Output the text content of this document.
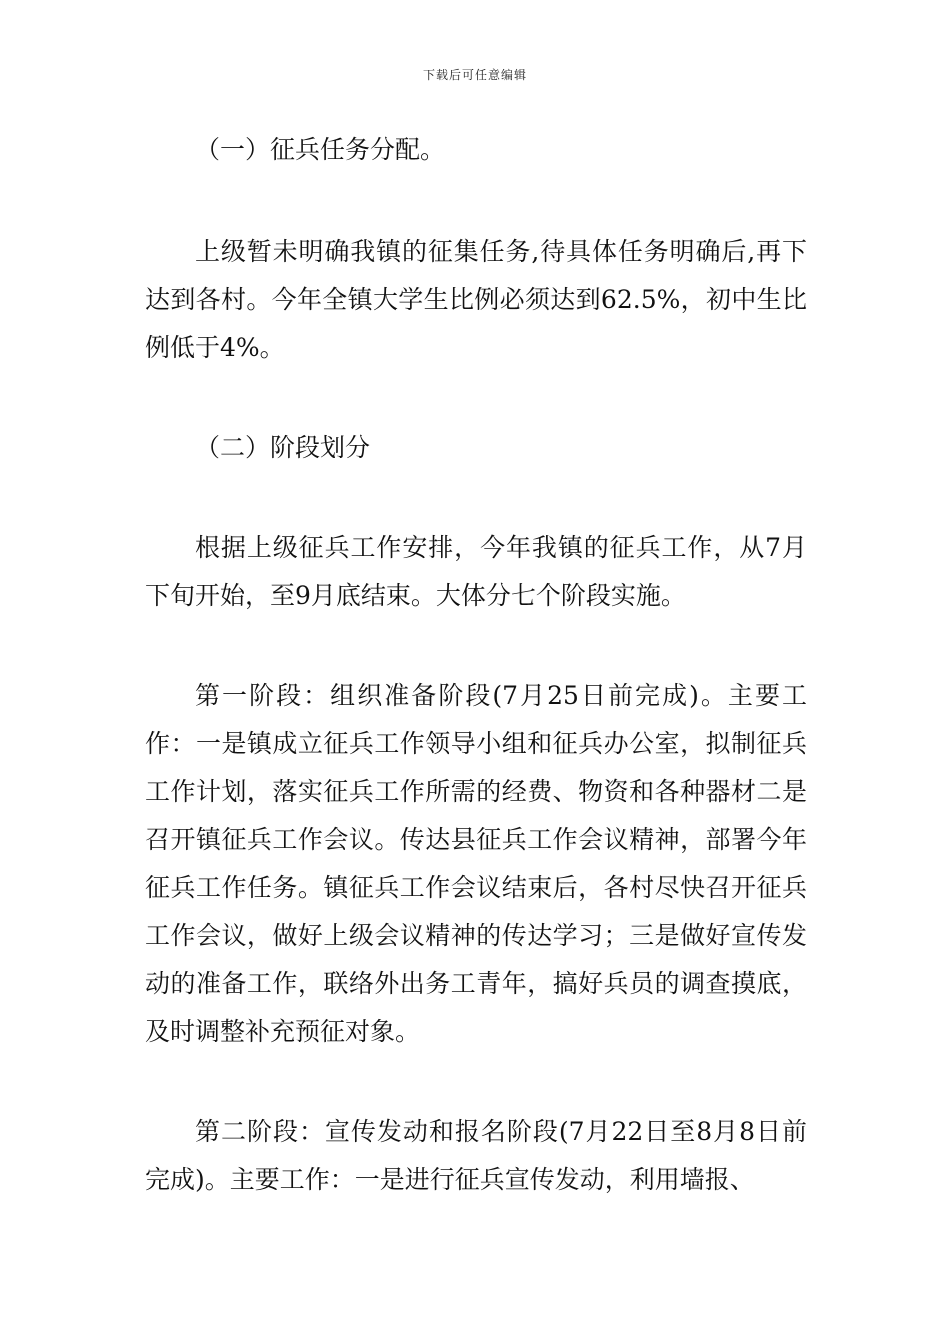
下载后可任意编辑

（一）征兵任务分配。

上级暂未明确我镇的征集任务,待具体任务明确后,再下达到各村。今年全镇大学生比例必须达到62.5%，初中生比例低于4%。

（二）阶段划分

根据上级征兵工作安排，今年我镇的征兵工作，从7月下旬开始，至9月底结束。大体分七个阶段实施。

第一阶段：组织准备阶段(7月25日前完成)。主要工作：一是镇成立征兵工作领导小组和征兵办公室，拟制征兵工作计划，落实征兵工作所需的经费、物资和各种器材二是召开镇征兵工作会议。传达县征兵工作会议精神，部署今年征兵工作任务。镇征兵工作会议结束后，各村尽快召开征兵工作会议，做好上级会议精神的传达学习；三是做好宣传发动的准备工作，联络外出务工青年，搞好兵员的调查摸底，及时调整补充预征对象。

第二阶段：宣传发动和报名阶段(7月22日至8月8日前完成)。主要工作：一是进行征兵宣传发动，利用墙报、
